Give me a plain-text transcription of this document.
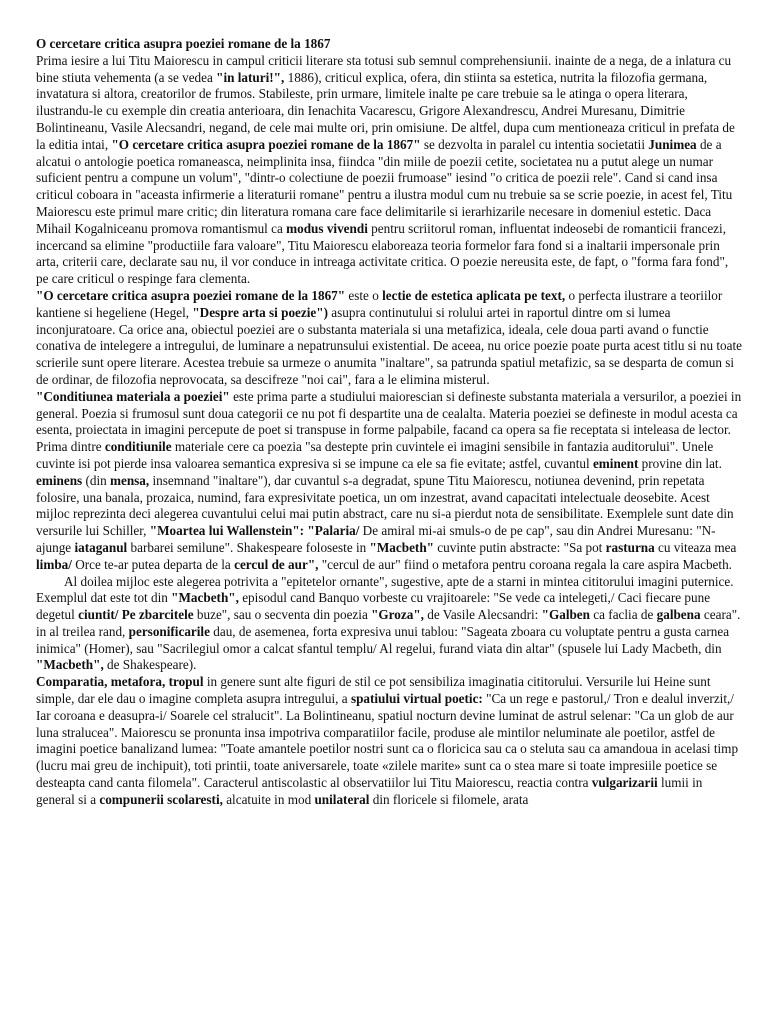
O cercetare critica asupra poeziei romane de la 1867

Prima iesire a lui Titu Maiorescu in campul criticii literare sta totusi sub semnul comprehensiunii. inainte de a nega, de a inlatura cu bine stiuta vehementa (a se vedea "in laturi!", 1886), criticul explica, ofera, din stiinta sa estetica, nutrita la filozofia germana, invatatura si altora, creatorilor de frumos. Stabileste, prin urmare, limitele inalte pe care trebuie sa le atinga o opera literara, ilustrandu-le cu exemple din creatia anterioara, din Ienachita Vacarescu, Grigore Alexandrescu, Andrei Muresanu, Dimitrie Bolintineanu, Vasile Alecsandri, negand, de cele mai multe ori, prin omisiune. De altfel, dupa cum mentioneaza criticul in prefata de la editia intai, "O cercetare critica asupra poeziei romane de la 1867" se dezvolta in paralel cu intentia societatii Junimea de a alcatui o antologie poetica romaneasca, neimplinita insa, fiindca "din miile de poezii cetite, societatea nu a putut alege un numar suficient pentru a compune un volum", "dintr-o colectiune de poezii frumoase" iesind "o critica de poezii rele". Cand si cand insa criticul coboara in "aceasta infirmerie a literaturii romane" pentru a ilustra modul cum nu trebuie sa se scrie poezie, in acest fel, Titu Maiorescu este primul mare critic; din literatura romana care face delimitarile si ierarhizarile necesare in domeniul estetic. Daca Mihail Kogalniceanu promova romantismul ca modus vivendi pentru scriitorul roman, influentat indeosebi de romanticii francezi, incercand sa elimine "productiile fara valoare", Titu Maiorescu elaboreaza teoria formelor fara fond si a inaltarii impersonale prin arta, criterii care, declarate sau nu, il vor conduce in intreaga activitate critica. O poezie nereusita este, de fapt, o "forma fara fond", pe care criticul o respinge fara clementa.

"O cercetare critica asupra poeziei romane de la 1867" este o lectie de estetica aplicata pe text, o perfecta ilustrare a teoriilor kantiene si hegeliene (Hegel, "Despre arta si poezie") asupra continutului si rolului artei in raportul dintre om si lumea inconjuratoare. Ca orice ana, obiectul poeziei are o substanta materiala si una metafizica, ideala, cele doua parti avand o functie conativa de intelegere a intregului, de luminare a nepatrunsului existential. De aceea, nu orice poezie poate purta acest titlu si nu toate scrierile sunt opere literare. Acestea trebuie sa urmeze o anumita "inaltare", sa patrunda spatiul metafizic, sa se desparta de comun si de ordinar, de filozofia neprovocata, sa descifreze "noi cai", fara a le elimina misterul.

"Conditiunea materiala a poeziei" este prima parte a studiului maiorescian si defineste substanta materiala a versurilor, a poeziei in general. Poezia si frumosul sunt doua categorii ce nu pot fi despartite una de cealalta. Materia poeziei se defineste in modul acesta ca esenta, proiectata in imagini percepute de poet si transpuse in forme palpabile, facand ca opera sa fie receptata si inteleasa de lector. Prima dintre conditiunile materiale cere ca poezia "sa destepte prin cuvintele ei imagini sensibile in fantazia auditorului". Unele cuvinte isi pot pierde insa valoarea semantica expresiva si se impune ca ele sa fie evitate; astfel, cuvantul eminent provine din lat. eminens (din mensa, insemnand "inaltare"), dar cuvantul s-a degradat, spune Titu Maiorescu, notiunea devenind, prin repetata folosire, una banala, prozaica, numind, fara expresivitate poetica, un om inzestrat, avand capacitati intelectuale deosebite. Acest mijloc reprezinta deci alegerea cuvantului celui mai putin abstract, care nu si-a pierdut nota de sensibilitate. Exemplele sunt date din versurile lui Schiller, "Moartea lui Wallenstein": "Palaria/ De amiral mi-ai smuls-o de pe cap", sau din Andrei Muresanu: "N-ajunge iataganul barbarei semilune". Shakespeare foloseste in "Macbeth" cuvinte putin abstracte: "Sa pot rasturna cu viteaza mea limba/ Orce te-ar putea departa de la cercul de aur", "cercul de aur" fiind o metafora pentru coroana regala la care aspira Macbeth.

Al doilea mijloc este alegerea potrivita a "epitetelor ornante", sugestive, apte de a starni in mintea cititorului imagini puternice. Exemplul dat este tot din "Macbeth", episodul cand Banquo vorbeste cu vrajitoarele: "Se vede ca intelegeti,/ Caci fiecare pune degetul ciuntit/ Pe zbarcitele buze", sau o secventa din poezia "Groza", de Vasile Alecsandri: "Galben ca faclia de galbena ceara". in al treilea rand, personificarile dau, de asemenea, forta expresiva unui tablou: "Sageata zboara cu voluptate pentru a gusta carnea inimica" (Homer), sau "Sacrilegiul omor a calcat sfantul templu/ Al regelui, furand viata din altar" (spusele lui Lady Macbeth, din "Macbeth", de Shakespeare).

Comparatia, metafora, tropul in genere sunt alte figuri de stil ce pot sensibiliza imaginatia cititorului. Versurile lui Heine sunt simple, dar ele dau o imagine completa asupra intregului, a spatiului virtual poetic: "Ca un rege e pastorul,/ Tron e dealul inverzit,/ Iar coroana e deasupra-i/ Soarele cel stralucit". La Bolintineanu, spatiul nocturn devine luminat de astrul selenar: "Ca un glob de aur luna straluceа". Maiorescu se pronunta insa impotriva comparatiilor facile, produse ale mintilor neluminate ale poetilor, astfel de imagini poetice banalizand lumea: "Toate amantele poetilor nostri sunt ca o floricica sau ca o steluta sau ca amandoua in acelasi timp (lucru mai greu de inchipuit), toti printii, toate aniversarele, toate «zilele marite» sunt ca o stea mare si toate impresiile poetice se desteapta cand canta filomela". Caracterul antiscolastic al observatiilor lui Titu Maiorescu, reactia contra vulgarizarii lumii in general si a compunerii scolaresti, alcatuite in mod unilateral din floricele si filomele, arata
